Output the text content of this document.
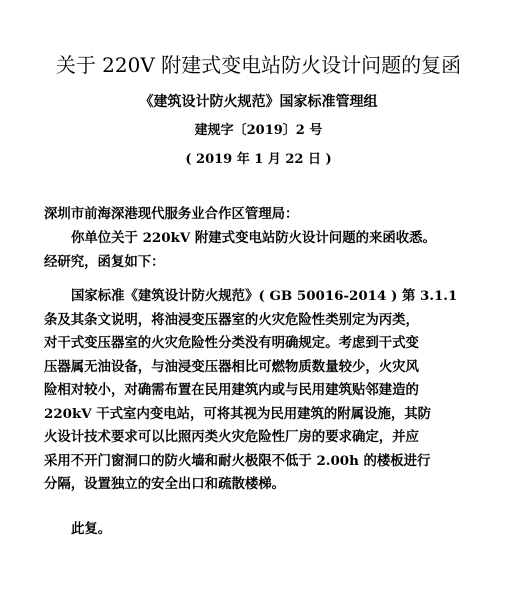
关于 220V 附建式变电站防火设计问题的复函
《建筑设计防火规范》国家标准管理组
建规字〔2019〕2 号
( 2019 年 1 月 22 日 )
深圳市前海深港现代服务业合作区管理局：
你单位关于 220kV 附建式变电站防火设计问题的来函收悉。
经研究，函复如下：
国家标准《建筑设计防火规范》( GB 50016-2014 ) 第 3.1.1
条及其条文说明，将油浸变压器室的火灾危险性类别定为丙类，
对干式变压器室的火灾危险性分类没有明确规定。考虑到干式变
压器属无油设备，与油浸变压器相比可燃物质数量较少，火灾风
险相对较小，对确需布置在民用建筑内或与民用建筑贴邻建造的
220kV 干式室内变电站，可将其视为民用建筑的附属设施，其防
火设计技术要求可以比照丙类火灾危险性厂房的要求确定，并应
采用不开门窗洞口的防火墙和耐火极限不低于 2.00h 的楼板进行
分隔，设置独立的安全出口和疏散楼梯。
此复。
